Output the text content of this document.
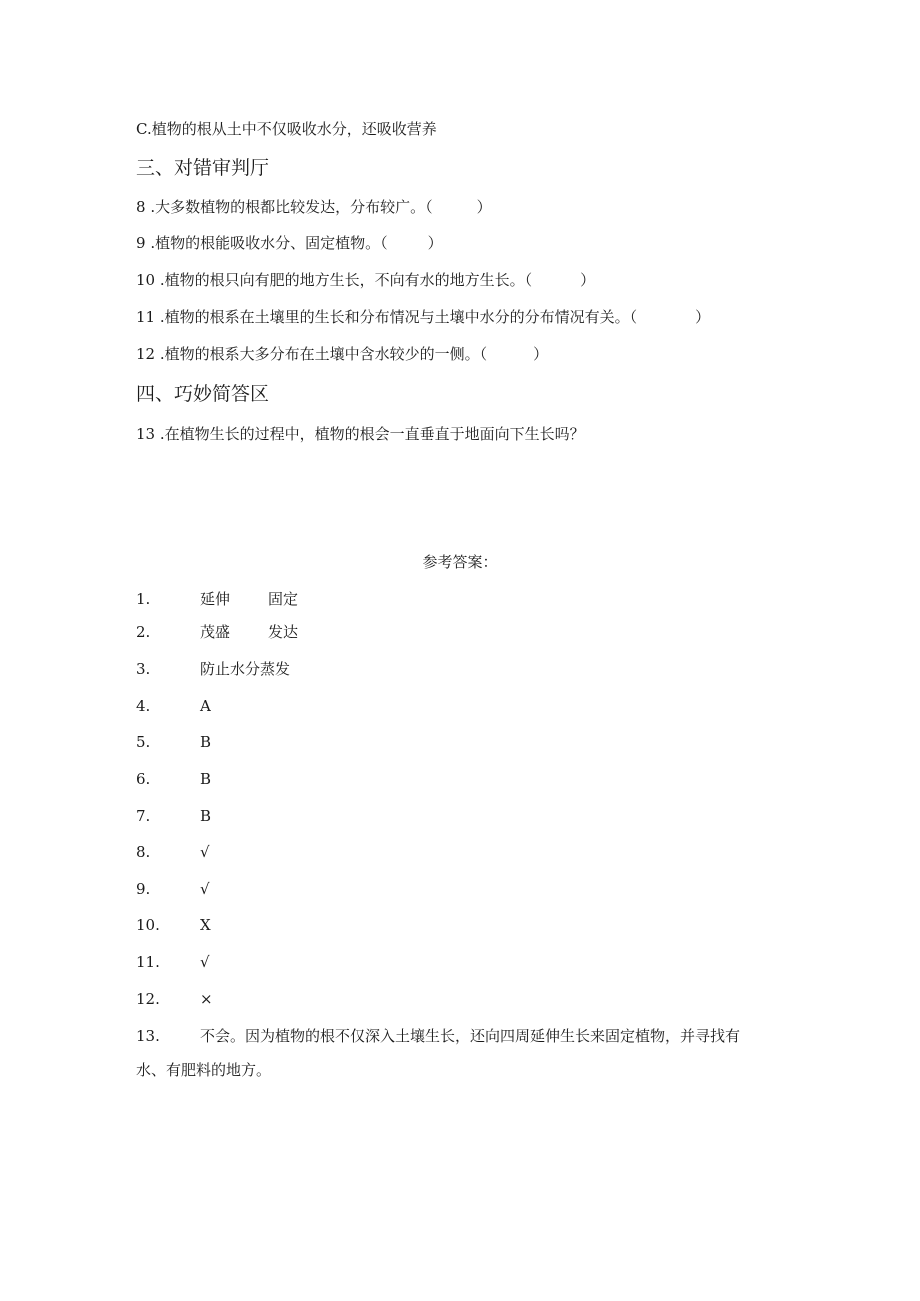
C.植物的根从土中不仅吸收水分，还吸收营养
三、对错审判厅
8 .大多数植物的根都比较发达，分布较广。（	）
9 .植物的根能吸收水分、固定植物。（	）
10 .植物的根只向有肥的地方生长，不向有水的地方生长。（	）
11 .植物的根系在土壤里的生长和分布情况与土壤中水分的分布情况有关。（	）
12 .植物的根系大多分布在土壤中含水较少的一侧。（	）
四、巧妙简答区
13 .在植物生长的过程中，植物的根会一直垂直于地面向下生长吗？
参考答案：
1.	延伸	固定
2.	茂盛	发达
3.	防止水分蒸发
4.	A
5.	B
6.	B
7.	B
8.	√
9.	√
10.	X
11.	√
12.	×
13.	不会。因为植物的根不仅深入土壤生长，还向四周延伸生长来固定植物，并寻找有水、有肥料的地方。
